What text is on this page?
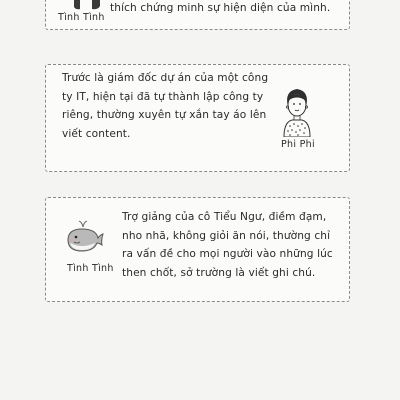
Tình Tình
thích chứng minh sự hiện diện của mình.
Trước là giám đốc dự án của một công ty IT, hiện tại đã tự thành lập công ty riêng, thường xuyên tự xắn tay áo lên viết content.
Phi Phi
Tình Tình
Trợ giảng của cô Tiểu Ngư, điềm đạm, nho nhã, không giỏi ăn nói, thường chỉ ra vấn đề cho mọi người vào những lúc then chốt, sở trường là viết ghi chú.
